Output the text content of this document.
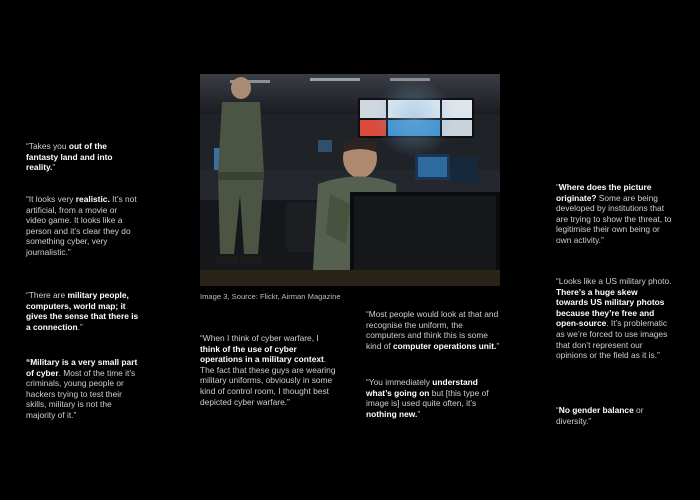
“Takes you out of the fantasty land and into reality.”

“It looks very realistic. It’s not artificial, from a movie or video game. It looks like a person and it’s clear they do something cyber, very journalistic.”

“There are military people, computers, world map; it gives the sense that there is a connection.”

“Military is a very small part of cyber. Most of the time it’s criminals, young people or hackers trying to test their skills, military is not the majority of it.”

Image 3, Source: Flickr, Airman Magazine

“When I think of cyber warfare, I think of the use of cyber operations in a military context. The fact that these guys are wearing military uniforms, obviously in some kind of control room, I thought best depicted cyber warfare.”

“Most people would look at that and recognise the uniform, the computers and think this is some kind of computer operations unit.”

“You immediately understand what’s going on but [this type of image is] used quite often, it’s nothing new.”

“Where does the picture originate? Some are being developed by institutions that are trying to show the threat, to legitimise their own being or own activity.”

“Looks like a US military photo. There’s a huge skew towards US military photos because they’re free and open-source. It’s problematic as we’re forced to use images that don’t represent our opinions or the field as it is.”

“No gender balance or diversity.”
